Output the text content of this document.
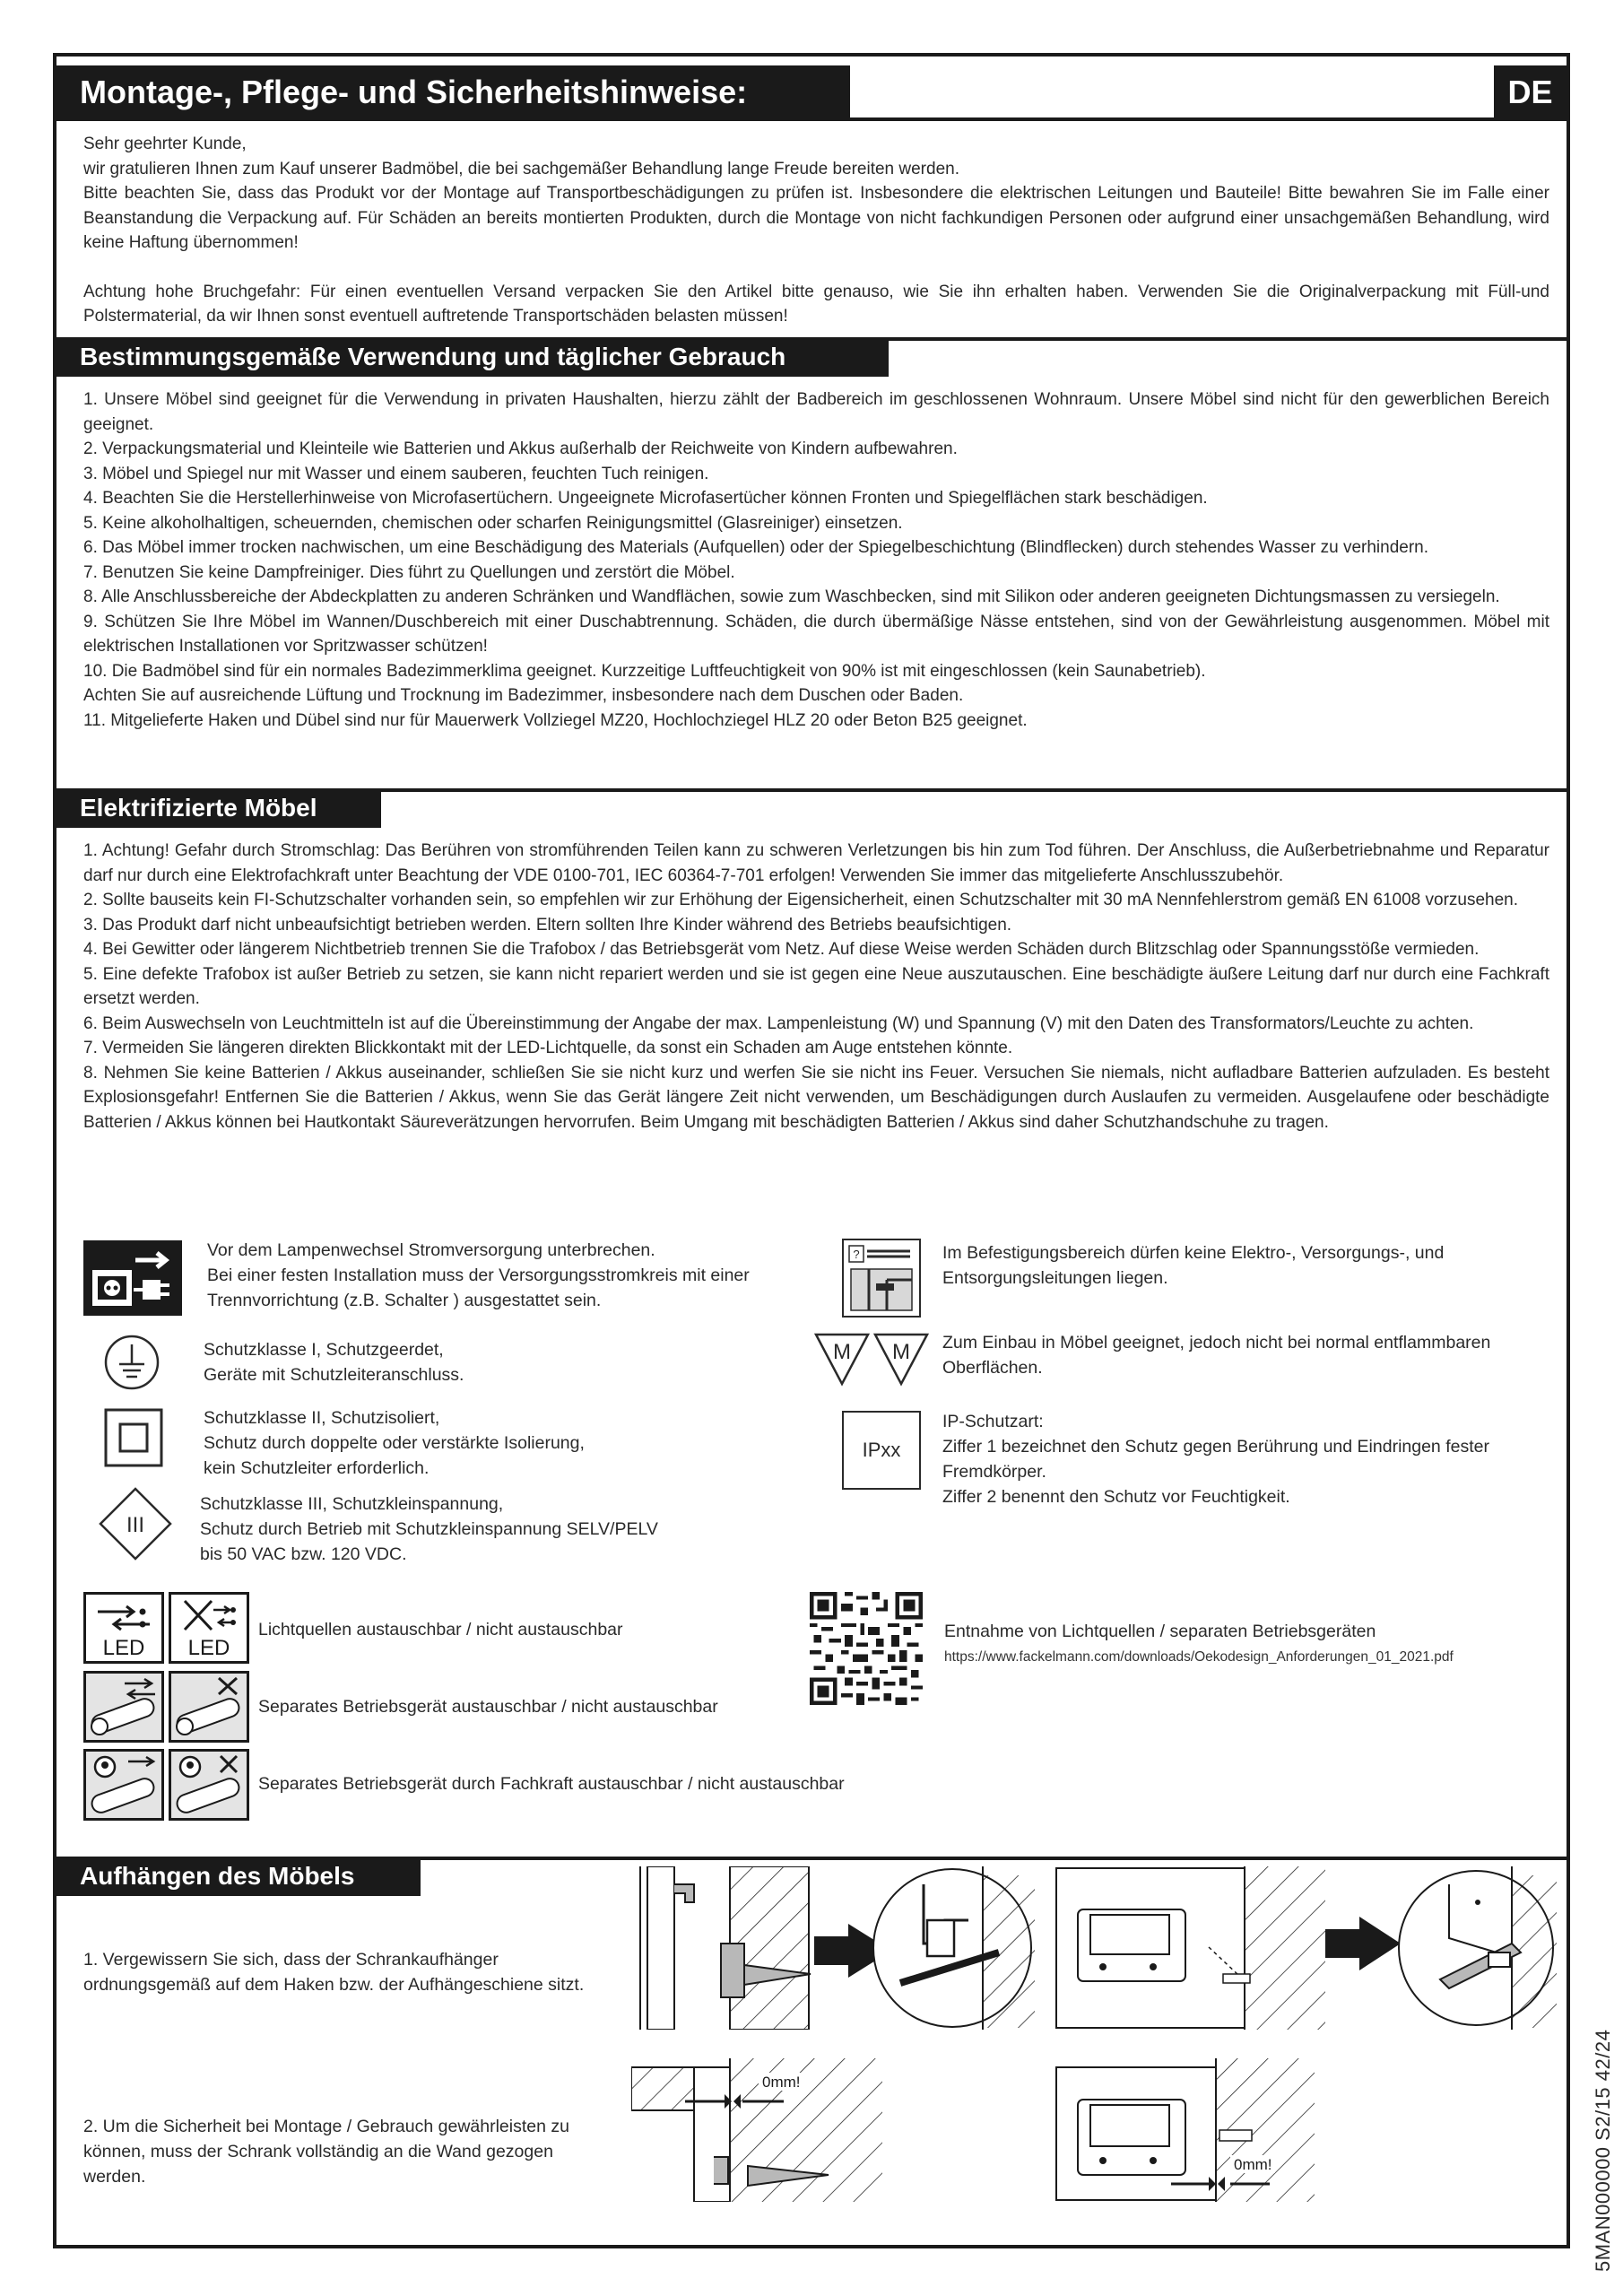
Montage-, Pflege- und Sicherheitshinweise:	DE

Sehr geehrter Kunde,

wir gratulieren Ihnen zum Kauf unserer Badmöbel, die bei sachgemäßer Behandlung lange Freude bereiten werden.

Bitte beachten Sie, dass das Produkt vor der Montage auf Transportbeschädigungen zu prüfen ist. Insbesondere die elektrischen Leitungen und Bauteile! Bitte bewahren Sie im Falle einer Beanstandung die Verpackung auf. Für Schäden an bereits montierten Produkten, durch die Montage von nicht fachkundigen Personen oder aufgrund einer unsachgemäßen Behandlung, wird keine Haftung übernommen!

Achtung hohe Bruchgefahr: Für einen eventuellen Versand verpacken Sie den Artikel bitte genauso, wie Sie ihn erhalten haben. Verwenden Sie die Originalverpackung mit Füll-und Polstermaterial, da wir Ihnen sonst eventuell auftretende Transportschäden belasten müssen!

Bestimmungsgemäße Verwendung und täglicher Gebrauch

1. Unsere Möbel sind geeignet für die Verwendung in privaten Haushalten, hierzu zählt der Badbereich im geschlossenen Wohnraum. Unsere Möbel sind nicht für den gewerblichen Bereich geeignet.

2. Verpackungsmaterial und Kleinteile wie Batterien und Akkus außerhalb der Reichweite von Kindern aufbewahren.

3. Möbel und Spiegel nur mit Wasser und einem sauberen, feuchten Tuch reinigen.

4. Beachten Sie die Herstellerhinweise von Microfasertüchern. Ungeeignete Microfasertücher können Fronten und Spiegelflächen stark beschädigen.

5. Keine alkoholhaltigen, scheuernden, chemischen oder scharfen Reinigungsmittel (Glasreiniger) einsetzen.

6. Das Möbel immer trocken nachwischen, um eine Beschädigung des Materials (Aufquellen) oder der Spiegelbeschichtung (Blindflecken) durch stehendes Wasser zu verhindern.

7. Benutzen Sie keine Dampfreiniger. Dies führt zu Quellungen und zerstört die Möbel.

8. Alle Anschlussbereiche der Abdeckplatten zu anderen Schränken und Wandflächen, sowie zum Waschbecken, sind mit Silikon oder anderen geeigneten Dichtungsmassen zu versiegeln.

9. Schützen Sie Ihre Möbel im Wannen/Duschbereich mit einer Duschabtrennung. Schäden, die durch übermäßige Nässe entstehen, sind von der Gewährleistung ausgenommen. Möbel mit elektrischen Installationen vor Spritzwasser schützen!

10. Die Badmöbel sind für ein normales Badezimmerklima geeignet. Kurzzeitige Luftfeuchtigkeit von 90% ist mit eingeschlossen (kein Saunabetrieb).

Achten Sie auf ausreichende Lüftung und Trocknung im Badezimmer, insbesondere nach dem Duschen oder Baden.

11. Mitgelieferte Haken und Dübel sind nur für Mauerwerk Vollziegel MZ20, Hochlochziegel HLZ 20 oder Beton B25 geeignet.

Elektrifizierte Möbel

1. Achtung! Gefahr durch Stromschlag: Das Berühren von stromführenden Teilen kann zu schweren Verletzungen bis hin zum Tod führen. Der Anschluss, die Außerbetriebnahme und Reparatur darf nur durch eine Elektrofachkraft unter Beachtung der VDE 0100-701, IEC 60364-7-701 erfolgen! Verwenden Sie immer das mitgelieferte Anschlusszubehör.

2. Sollte bauseits kein FI-Schutzschalter vorhanden sein, so empfehlen wir zur Erhöhung der Eigensicherheit, einen Schutzschalter mit 30 mA Nennfehlerstrom gemäß EN 61008 vorzusehen.

3. Das Produkt darf nicht unbeaufsichtigt betrieben werden. Eltern sollten Ihre Kinder während des Betriebs beaufsichtigen.

4. Bei Gewitter oder längerem Nichtbetrieb trennen Sie die Trafobox / das Betriebsgerät vom Netz. Auf diese Weise werden Schäden durch Blitzschlag oder Spannungsstöße vermieden.

5. Eine defekte Trafobox ist außer Betrieb zu setzen, sie kann nicht repariert werden und sie ist gegen eine Neue auszutauschen. Eine beschädigte äußere Leitung darf nur durch eine Fachkraft ersetzt werden.

6. Beim Auswechseln von Leuchtmitteln ist auf die Übereinstimmung der Angabe der max. Lampenleistung (W) und Spannung (V) mit den Daten des Transformators/Leuchte zu achten.

7. Vermeiden Sie längeren direkten Blickkontakt mit der LED-Lichtquelle, da sonst ein Schaden am Auge entstehen könnte.

8. Nehmen Sie keine Batterien / Akkus auseinander, schließen Sie sie nicht kurz und werfen Sie sie nicht ins Feuer. Versuchen Sie niemals, nicht aufladbare Batterien aufzuladen. Es besteht Explosionsgefahr! Entfernen Sie die Batterien / Akkus, wenn Sie das Gerät längere Zeit nicht verwenden, um Beschädigungen durch Auslaufen zu vermeiden. Ausgelaufene oder beschädigte Batterien / Akkus können bei Hautkontakt Säureverätzungen hervorrufen. Beim Umgang mit beschädigten Batterien / Akkus sind daher Schutzhandschuhe zu tragen.

Vor dem Lampenwechsel Stromversorgung unterbrechen.
Bei einer festen Installation muss der Versorgungsstromkreis mit einer Trennvorrichtung (z.B. Schalter ) ausgestattet sein.
Schutzklasse I, Schutzgeerdet,
Geräte mit Schutzleiteranschluss.
Schutzklasse II, Schutzisoliert,
Schutz durch doppelte oder verstärkte Isolierung,
kein Schutzleiter erforderlich.
III
Schutzklasse III, Schutzkleinspannung,
Schutz durch Betrieb mit Schutzkleinspannung SELV/PELV
bis 50 VAC bzw. 120 VDC.
?	Im Befestigungsbereich dürfen keine Elektro-, Versorgungs-, und Entsorgungsleitungen liegen.
M M Zum Einbau in Möbel geeignet, jedoch nicht bei normal entflammbaren Oberflächen.
IPxx

IP-Schutzart:

Ziffer 1 bezeichnet den Schutz gegen Berührung und Eindringen fester Fremdkörper.

Ziffer 2 benennt den Schutz vor Feuchtigkeit.

LED LED
Lichtquellen austauschbar / nicht austauschbar
Separates Betriebsgerät austauschbar / nicht austauschbar
Separates Betriebsgerät durch Fachkraft austauschbar / nicht austauschbar
Entnahme von Lichtquellen / separaten Betriebsgeräten
https://www.fackelmann.com/downloads/Oekodesign_Anforderungen_01_2021.pdf
Aufhängen des Möbels
1. Vergewissern Sie sich, dass der Schrankaufhänger ordnungsgemäß auf dem Haken bzw. der Aufhängeschiene sitzt.
2. Um die Sicherheit bei Montage / Gebrauch gewährleisten zu können, muss der Schrank vollständig an die Wand gezogen werden.
0mm!
0mm!	5MAN000000 S2/15 42/24
